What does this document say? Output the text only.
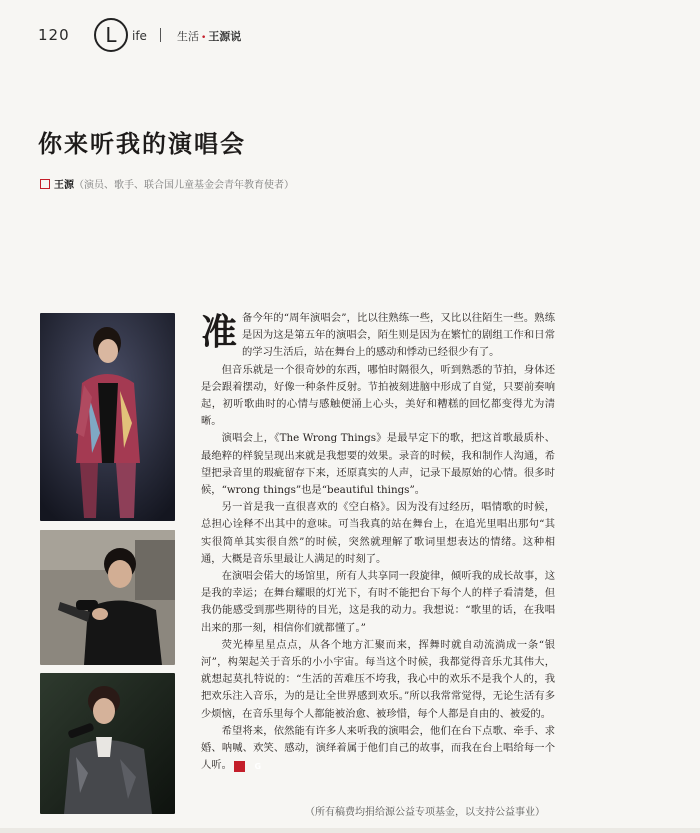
120	L	ife	生活 • 王源说
你来听我的演唱会
王源（演员、歌手、联合国儿童基金会青年教育使者）

准备今年的“周年演唱会”，比以往熟练一些，又比以往陌生一些。熟练是因为这是第五年的演唱会，陌生则是因为在繁忙的剧组工作和日常的学习生活后，站在舞台上的感动和悸动已经很少有了。

但音乐就是一个很奇妙的东西，哪怕时隔很久，听到熟悉的节拍，身体还是会跟着摆动，好像一种条件反射。节拍被刻进脑中形成了自觉，只要前奏响起，初听歌曲时的心情与感触便涌上心头，美好和糟糕的回忆都变得尤为清晰。

演唱会上，《The Wrong Things》是最早定下的歌，把这首歌最质朴、最绝粹的样貌呈现出来就是我想要的效果。录音的时候，我和制作人沟通，希望把录音里的瑕疵留存下来，还原真实的人声，记录下最原始的心情。很多时候，“wrong things”也是“beautiful things”。

另一首是我一直很喜欢的《空白格》。因为没有过经历，唱情歌的时候，总担心诠释不出其中的意味。可当我真的站在舞台上，在追光里唱出那句“其实很简单其实很自然”的时候，突然就理解了歌词里想表达的情绪。这种相通，大概是音乐里最让人满足的时刻了。

在演唱会偌大的场馆里，所有人共享同一段旋律，倾听我的成长故事，这是我的幸运；在舞台耀眼的灯光下，有时不能把台下每个人的样子看清楚，但我仍能感受到那些期待的目光，这是我的动力。我想说：“歌里的话，在我唱出来的那一刻，相信你们就都懂了。”

荧光棒星星点点，从各个地方汇聚而来，挥舞时就自动流淌成一条“银河”，构架起关于音乐的小小宇宙。每当这个时候，我都觉得音乐尤其伟大，就想起莫扎特说的：“生活的苦难压不垮我，我心中的欢乐不是我个人的，我把欢乐注入音乐，为的是让全世界感到欢乐。”所以我常常觉得，无论生活有多少烦恼，在音乐里每个人都能被治愈、被珍惜，每个人都是自由的、被爱的。

希望将来，依然能有许多人来听我的演唱会，他们在台下点歌、牵手、求婚、呐喊、欢笑、感动，演绎着属于他们自己的故事，而我在台上唱给每一个人听。	G

（所有稿费均捐给源公益专项基金，以支持公益事业）
